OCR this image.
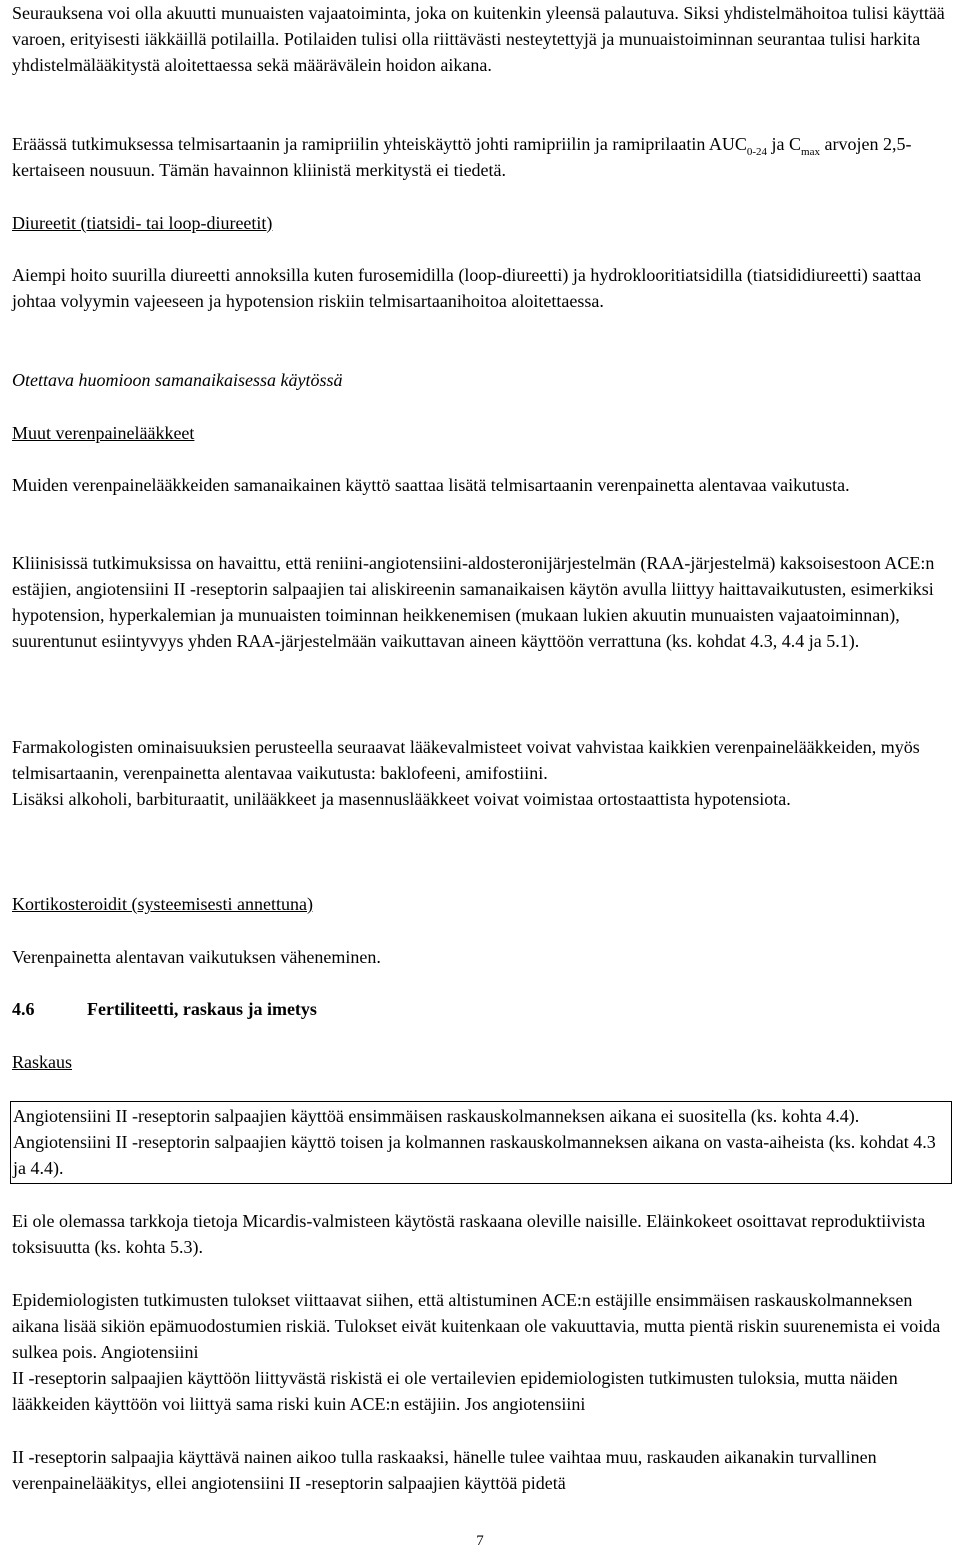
Seurauksena voi olla akuutti munuaisten vajaatoiminta, joka on kuitenkin yleensä palautuva. Siksi yhdistelmähoitoa tulisi käyttää varoen, erityisesti iäkkäillä potilailla. Potilaiden tulisi olla riittävästi nesteytettyjä ja munuaistoiminnan seurantaa tulisi harkita yhdistelmälääkitystä aloitettaessa sekä määrävälein hoidon aikana.

Eräässä tutkimuksessa telmisartaanin ja ramipriilin yhteiskäyttö johti ramipriilin ja ramiprilaatin $AUC_{0-24}$ ja $C_{max}$ arvojen 2,5-kertaiseen nousuun. Tämän havainnon kliinistä merkitystä ei tiedetä.

Diureetit (tiatsidi- tai loop-diureetit)

Aiempi hoito suurilla diureetti annoksilla kuten furosemidilla (loop-diureetti) ja hydroklooritiatsidilla (tiatsididiureetti) saattaa johtaa volyymin vajeeseen ja hypotension riskiin telmisartaanihoitoa aloitettaessa.

Otettava huomioon samanaikaisessa käytössä

Muut verenpainelääkkeet

Muiden verenpainelääkkeiden samanaikainen käyttö saattaa lisätä telmisartaanin verenpainetta alentavaa vaikutusta.

Kliinisissä tutkimuksissa on havaittu, että reniini-angiotensiini-aldosteronijärjestelmän (RAA-järjestelmä) kaksoisestoon ACE:n estäjien, angiotensiini II -reseptorin salpaajien tai aliskireenin samanaikaisen käytön avulla liittyy haittavaikutusten, esimerkiksi hypotension, hyperkalemian ja munuaisten toiminnan heikkenemisen (mukaan lukien akuutin munuaisten vajaatoiminnan), suurentunut esiintyvyys yhden RAA-järjestelmään vaikuttavan aineen käyttöön verrattuna (ks. kohdat 4.3, 4.4 ja 5.1).

Farmakologisten ominaisuuksien perusteella seuraavat lääkevalmisteet voivat vahvistaa kaikkien verenpainelääkkeiden, myös telmisartaanin, verenpainetta alentavaa vaikutusta: baklofeeni, amifostiini.

Lisäksi alkoholi, barbituraatit, unilääkkeet ja masennuslääkkeet voivat voimistaa ortostaattista hypotensiota.

Kortikosteroidit (systeemisesti annettuna)

Verenpainetta alentavan vaikutuksen väheneminen.

4.6	Fertiliteetti, raskaus ja imetys

Raskaus

Angiotensiini II -reseptorin salpaajien käyttöä ensimmäisen raskauskolmanneksen aikana ei suositella (ks. kohta 4.4). Angiotensiini II -reseptorin salpaajien käyttö toisen ja kolmannen raskauskolmanneksen aikana on vasta-aiheista (ks. kohdat 4.3 ja 4.4).

Ei ole olemassa tarkkoja tietoja Micardis-valmisteen käytöstä raskaana oleville naisille. Eläinkokeet osoittavat reproduktiivista toksisuutta (ks. kohta 5.3).

Epidemiologisten tutkimusten tulokset viittaavat siihen, että altistuminen ACE:n estäjille ensimmäisen raskauskolmanneksen aikana lisää sikiön epämuodostumien riskiä. Tulokset eivät kuitenkaan ole vakuuttavia, mutta pientä riskin suurenemista ei voida sulkea pois. Angiotensiini

II -reseptorin salpaajien käyttöön liittyvästä riskistä ei ole vertailevien epidemiologisten tutkimusten tuloksia, mutta näiden lääkkeiden käyttöön voi liittyä sama riski kuin ACE:n estäjiin. Jos angiotensiini

II -reseptorin salpaajia käyttävä nainen aikoo tulla raskaaksi, hänelle tulee vaihtaa muu, raskauden aikanakin turvallinen verenpainelääkitys, ellei angiotensiini II -reseptorin salpaajien käyttöä pidetä

7
